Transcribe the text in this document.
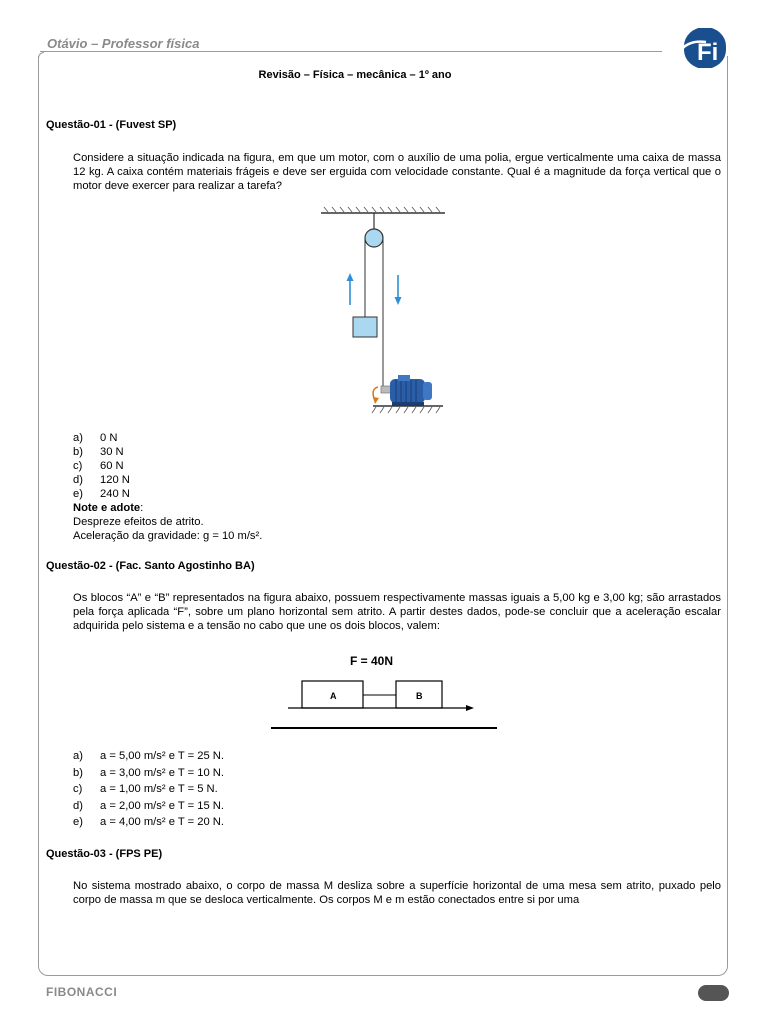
Otávio – Professor física	Fi
Revisão – Física – mecânica – 1º ano
Questão-01 - (Fuvest SP)
Considere a situação indicada na figura, em que um motor, com o auxílio de uma polia, ergue verticalmente uma caixa de massa 12 kg. A caixa contém materiais frágeis e deve ser erguida com velocidade constante. Qual é a magnitude da força vertical que o motor deve exercer para realizar a tarefa?
a)	0 N
b)	30 N
c)	60 N
d)	120 N
e)	240 N
Note e adote:
Despreze efeitos de atrito.
Aceleração da gravidade: g = 10 m/s².
Questão-02 - (Fac. Santo Agostinho BA)
Os blocos “A” e “B” representados na figura abaixo, possuem respectivamente massas iguais a 5,00 kg e 3,00 kg; são arrastados pela força aplicada “F”, sobre um plano horizontal sem atrito. A partir destes dados, pode-se concluir que a aceleração escalar adquirida pelo sistema e a tensão no cabo que une os dois blocos, valem:
F = 40N
A	B
a)	a = 5,00 m/s² e T = 25 N.
b)	a = 3,00 m/s² e T = 10 N.
c)	a = 1,00 m/s² e T = 5 N.
d)	a = 2,00 m/s² e T = 15 N.
e)	a = 4,00 m/s² e T = 20 N.
Questão-03 - (FPS PE)
No sistema mostrado abaixo, o corpo de massa M desliza sobre a superfície horizontal de uma mesa sem atrito, puxado pelo corpo de massa m que se desloca verticalmente. Os corpos M e m estão conectados entre si por uma
FIBONACCI
